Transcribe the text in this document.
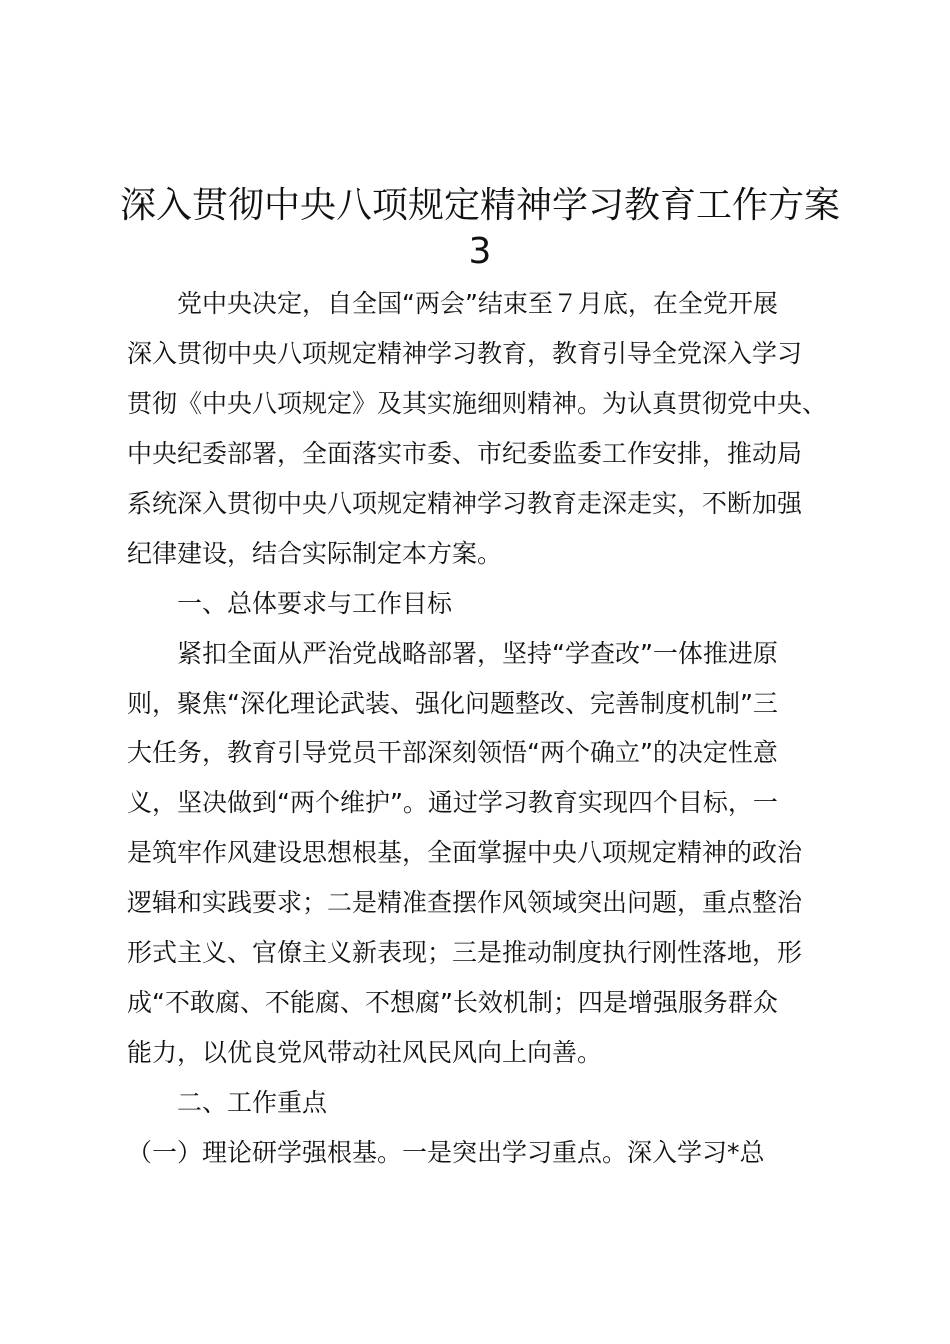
深入贯彻中央八项规定精神学习教育工作方案
3

　　党中央决定，自全国“两会”结束至７月底，在全党开展

深入贯彻中央八项规定精神学习教育，教育引导全党深入学习

贯彻《中央八项规定》及其实施细则精神。为认真贯彻党中央、

中央纪委部署，全面落实市委、市纪委监委工作安排，推动局

系统深入贯彻中央八项规定精神学习教育走深走实，不断加强

纪律建设，结合实际制定本方案。

　　一、总体要求与工作目标

　　紧扣全面从严治党战略部署，坚持“学查改”一体推进原

则，聚焦“深化理论武装、强化问题整改、完善制度机制”三

大任务，教育引导党员干部深刻领悟“两个确立”的决定性意

义，坚决做到“两个维护”。通过学习教育实现四个目标，一

是筑牢作风建设思想根基，全面掌握中央八项规定精神的政治

逻辑和实践要求；二是精准查摆作风领域突出问题，重点整治

形式主义、官僚主义新表现；三是推动制度执行刚性落地，形

成“不敢腐、不能腐、不想腐”长效机制；四是增强服务群众

能力，以优良党风带动社风民风向上向善。

　　二、工作重点

（一）理论研学强根基。一是突出学习重点。深入学习*总
